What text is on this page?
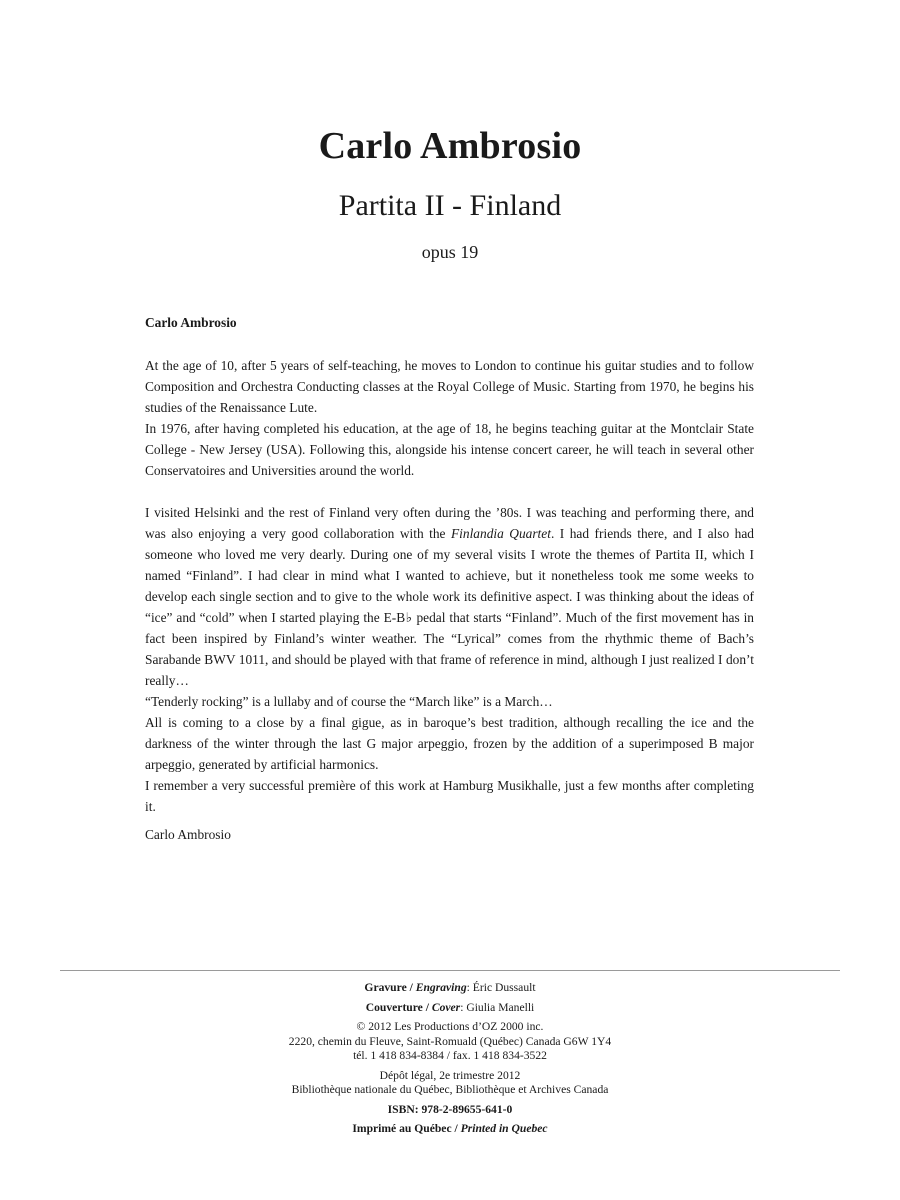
Carlo Ambrosio
Partita II - Finland
opus 19

Carlo Ambrosio

At the age of 10, after 5 years of self-teaching, he moves to London to continue his guitar studies and to follow Composition and Orchestra Conducting classes at the Royal College of Music. Starting from 1970, he begins his studies of the Renaissance Lute.

In 1976, after having completed his education, at the age of 18, he begins teaching guitar at the Montclair State College - New Jersey (USA). Following this, alongside his intense concert career, he will teach in several other Conservatoires and Universities around the world.

I visited Helsinki and the rest of Finland very often during the ’80s. I was teaching and performing there, and was also enjoying a very good collaboration with the Finlandia Quartet. I had friends there, and I also had someone who loved me very dearly. During one of my several visits I wrote the themes of Partita II, which I named “Finland”. I had clear in mind what I wanted to achieve, but it nonetheless took me some weeks to develop each single section and to give to the whole work its definitive aspect. I was thinking about the ideas of “ice” and “cold” when I started playing the E-B♭ pedal that starts “Finland”. Much of the first movement has in fact been inspired by Finland’s winter weather. The “Lyrical” comes from the rhythmic theme of Bach’s Sarabande BWV 1011, and should be played with that frame of reference in mind, although I just realized I don’t really…

“Tenderly rocking” is a lullaby and of course the “March like” is a March…

All is coming to a close by a final gigue, as in baroque’s best tradition, although recalling the ice and the darkness of the winter through the last G major arpeggio, frozen by the addition of a superimposed B major arpeggio, generated by artificial harmonics.

I remember a very successful première of this work at Hamburg Musikhalle, just a few months after completing it.

Carlo Ambrosio

Gravure / Engraving: Éric Dussault

Couverture / Cover: Giulia Manelli

© 2012 Les Productions d’OZ 2000 inc.

2220, chemin du Fleuve, Saint-Romuald (Québec) Canada G6W 1Y4

tél. 1 418 834-8384 / fax. 1 418 834-3522

Dépôt légal, 2e trimestre 2012

Bibliothèque nationale du Québec, Bibliothèque et Archives Canada

ISBN: 978-2-89655-641-0

Imprimé au Québec / Printed in Quebec
